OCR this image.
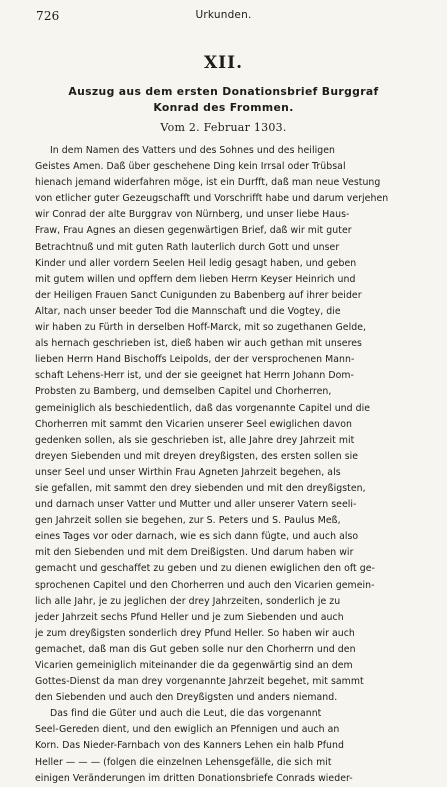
726	Urkunden.
XII.
Auszug aus dem ersten Donationsbrief Burggraf
Konrad des Frommen.
Vom 2. Februar 1303.
In dem Namen des Vatters und des Sohnes und des heiligen
Geistes Amen. Daß über geschehene Ding kein Irrsal oder Trübsal
hienach jemand widerfahren möge, ist ein Durfft, daß man neue Vestung
von etlicher guter Gezeugschafft und Vorschrifft habe und darum verjehen
wir Conrad der alte Burggrav von Nürnberg, und unser liebe Haus-
Fraw, Frau Agnes an diesen gegenwärtigen Brief, daß wir mit guter
Betrachtnuß und mit guten Rath lauterlich durch Gott und unser
Kinder und aller vordern Seelen Heil ledig gesagt haben, und geben
mit gutem willen und opffern dem lieben Herrn Keyser Heinrich und
der Heiligen Frauen Sanct Cunigunden zu Babenberg auf ihrer beider
Altar, nach unser beeder Tod die Mannschaft und die Vogtey, die
wir haben zu Fürth in derselben Hoff-Marck, mit so zugethanen Gelde,
als hernach geschrieben ist, dieß haben wir auch gethan mit unseres
lieben Herrn Hand Bischoffs Leipolds, der der versprochenen Mann-
schaft Lehens-Herr ist, und der sie geeignet hat Herrn Johann Dom-
Probsten zu Bamberg, und demselben Capitel und Chorherren,
gemeiniglich als beschiedentlich, daß das vorgenannte Capitel und die
Chorherren mit sammt den Vicarien unserer Seel ewiglichen davon
gedenken sollen, als sie geschrieben ist, alle Jahre drey Jahrzeit mit
dreyen Siebenden und mit dreyen dreyßigsten, des ersten sollen sie
unser Seel und unser Wirthin Frau Agneten Jahrzeit begehen, als
sie gefallen, mit sammt den drey siebenden und mit den dreyßigsten,
und darnach unser Vatter und Mutter und aller unserer Vatern seeli-
gen Jahrzeit sollen sie begehen, zur S. Peters und S. Paulus Meß,
eines Tages vor oder darnach, wie es sich dann fügte, und auch also
mit den Siebenden und mit dem Dreißigsten. Und darum haben wir
gemacht und geschaffet zu geben und zu dienen ewiglichen den oft ge-
sprochenen Capitel und den Chorherren und auch den Vicarien gemein-
lich alle Jahr, je zu jeglichen der drey Jahrzeiten, sonderlich je zu
jeder Jahrzeit sechs Pfund Heller und je zum Siebenden und auch
je zum dreyßigsten sonderlich drey Pfund Heller. So haben wir auch
gemachet, daß man dis Gut geben solle nur den Chorherrn und den
Vicarien gemeiniglich miteinander die da gegenwärtig sind an dem
Gottes-Dienst da man drey vorgenannte Jahrzeit begehet, mit sammt
den Siebenden und auch den Dreyßigsten und anders niemand.
Das find die Güter und auch die Leut, die das vorgenannt
Seel-Gereden dient, und den ewiglich an Pfennigen und auch an
Korn. Das Nieder-Farnbach von des Kanners Lehen ein halb Pfund
Heller — — — (folgen die einzelnen Lehensgefälle, die sich mit
einigen Veränderungen im dritten Donationsbriefe Conrads wieder-
